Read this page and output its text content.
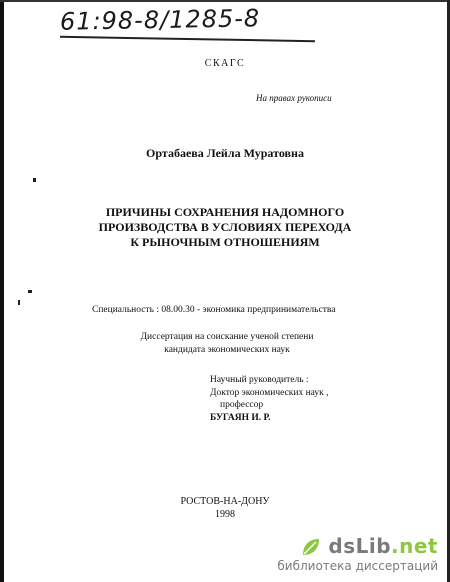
61:98-8/1285-8
СКАГС
На правах рукописи
Ортабаева Лейла Муратовна
ПРИЧИНЫ СОХРАНЕНИЯ НАДОМНОГО
ПРОИЗВОДСТВА В УСЛОВИЯХ ПЕРЕХОДА
К РЫНОЧНЫМ ОТНОШЕНИЯМ
Специальность : 08.00.30 - экономика предпринимательства
Диссертация на соискание ученой степени
кандидата экономических наук
Научный руководитель :
Доктор экономических наук ,
профессор
БУГАЯН И. Р.
РОСТОВ-НА-ДОНУ
1998
dsLib.net
библиотека диссертаций
